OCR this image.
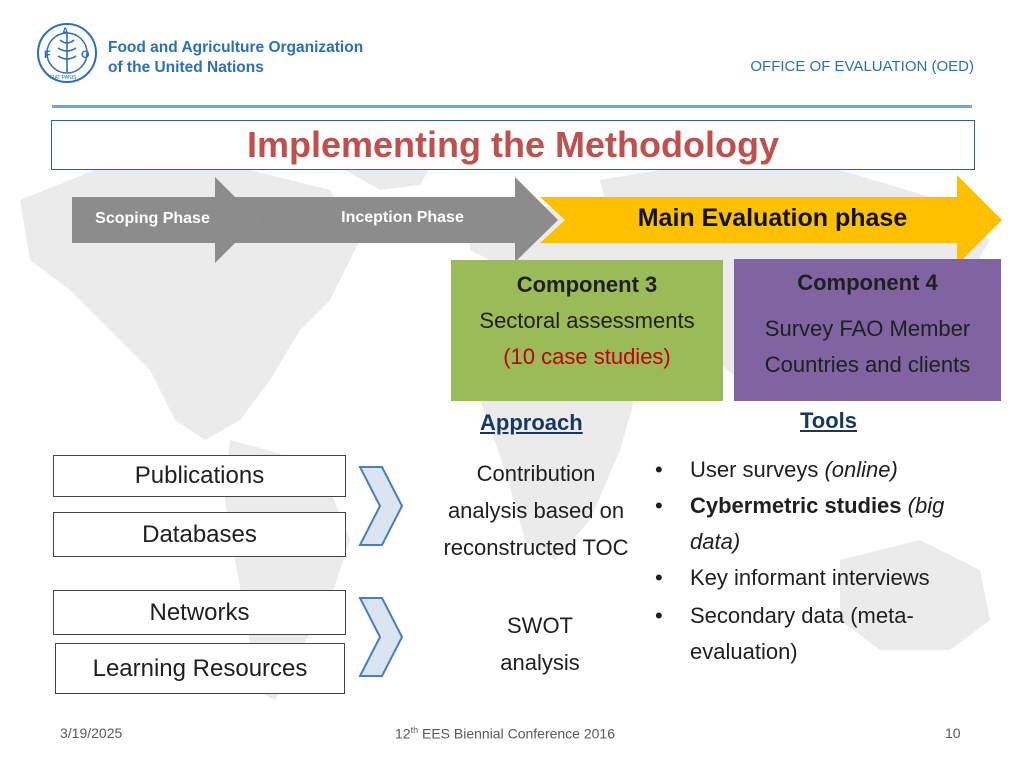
F
A
O
FIAT PANIS
Food and Agriculture Organization
of the United Nations	OFFICE OF EVALUATION (OED)
Implementing the Methodology
Scoping Phase	Inception Phase	Main Evaluation phase
Component 3
Sectoral assessments
(10 case studies)
Component 4
Survey FAO Member
Countries and clients
Approach	Tools
Publications
Databases
Networks
Learning Resources
Contribution
analysis based on
reconstructed TOC
SWOT
analysis
•	User surveys (online)
•	Cybermetric studies (big
data)
•	Key informant interviews
•	Secondary data (meta-
evaluation)
3/19/2025	12th EES Biennial Conference 2016	10
